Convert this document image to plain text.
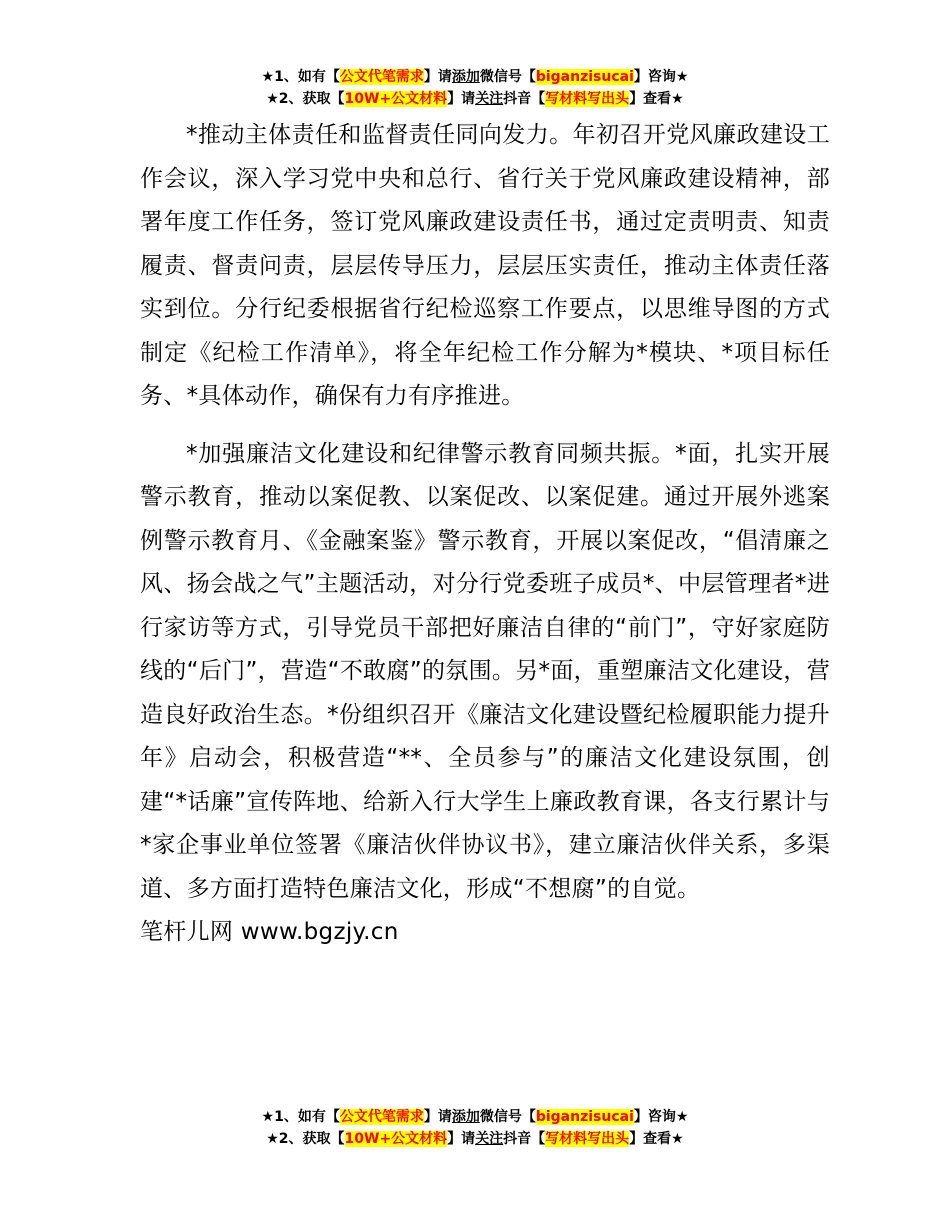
★1、如有【公文代笔需求】请添加微信号【biganzisucai】咨询★
★2、获取【10W+公文材料】请关注抖音【写材料写出头】查看★

*推动主体责任和监督责任同向发力。年初召开党风廉政建设工作会议，深入学习党中央和总行、省行关于党风廉政建设精神，部署年度工作任务，签订党风廉政建设责任书，通过定责明责、知责履责、督责问责，层层传导压力，层层压实责任，推动主体责任落实到位。分行纪委根据省行纪检巡察工作要点，以思维导图的方式制定《纪检工作清单》，将全年纪检工作分解为*模块、*项目标任务、*具体动作，确保有力有序推进。

*加强廉洁文化建设和纪律警示教育同频共振。*面，扎实开展警示教育，推动以案促教、以案促改、以案促建。通过开展外逃案例警示教育月、《金融案鉴》警示教育，开展以案促改，“倡清廉之风、扬会战之气”主题活动，对分行党委班子成员*、中层管理者*进行家访等方式，引导党员干部把好廉洁自律的“前门”，守好家庭防线的“后门”，营造“不敢腐”的氛围。另*面，重塑廉洁文化建设，营造良好政治生态。*份组织召开《廉洁文化建设暨纪检履职能力提升年》启动会，积极营造“**、全员参与”的廉洁文化建设氛围，创建“*话廉”宣传阵地、给新入行大学生上廉政教育课，各支行累计与*家企事业单位签署《廉洁伙伴协议书》，建立廉洁伙伴关系，多渠道、多方面打造特色廉洁文化，形成“不想腐”的自觉。

笔杆儿网 www.bgzjy.cn

★1、如有【公文代笔需求】请添加微信号【biganzisucai】咨询★
★2、获取【10W+公文材料】请关注抖音【写材料写出头】查看★
